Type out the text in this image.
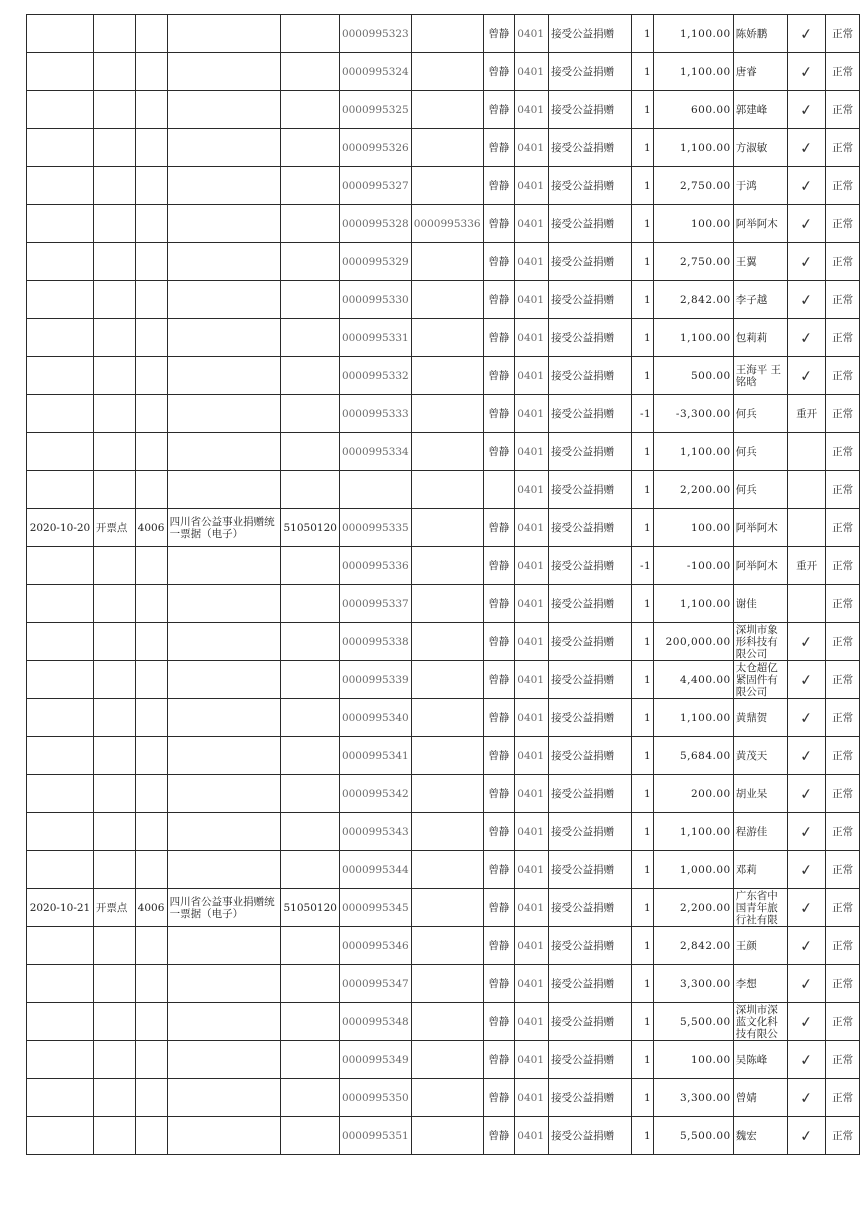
					0000995323		曾静	0401	接受公益捐赠	1	1,100.00	陈娇鹏	✓	正常
					0000995324		曾静	0401	接受公益捐赠	1	1,100.00	唐睿	✓	正常
					0000995325		曾静	0401	接受公益捐赠	1	600.00	郭建峰	✓	正常
					0000995326		曾静	0401	接受公益捐赠	1	1,100.00	方淑敏	✓	正常
					0000995327		曾静	0401	接受公益捐赠	1	2,750.00	于鸿	✓	正常
					0000995328	0000995336	曾静	0401	接受公益捐赠	1	100.00	阿举阿木	✓	正常
					0000995329		曾静	0401	接受公益捐赠	1	2,750.00	王翼	✓	正常
					0000995330		曾静	0401	接受公益捐赠	1	2,842.00	李子越	✓	正常
					0000995331		曾静	0401	接受公益捐赠	1	1,100.00	包莉莉	✓	正常
					0000995332		曾静	0401	接受公益捐赠	1	500.00	王海平 王铭晗	✓	正常
					0000995333		曾静	0401	接受公益捐赠	-1	-3,300.00	何兵	重开	正常
					0000995334		曾静	0401	接受公益捐赠	1	1,100.00	何兵		正常
								0401	接受公益捐赠	1	2,200.00	何兵		正常
2020-10-20	开票点	4006	四川省公益事业捐赠统一票据（电子）	51050120	0000995335		曾静	0401	接受公益捐赠	1	100.00	阿举阿木		正常
					0000995336		曾静	0401	接受公益捐赠	-1	-100.00	阿举阿木	重开	正常
					0000995337		曾静	0401	接受公益捐赠	1	1,100.00	谢佳		正常
					0000995338		曾静	0401	接受公益捐赠	1	200,000.00	深圳市象形科技有限公司	✓	正常
					0000995339		曾静	0401	接受公益捐赠	1	4,400.00	太仓超亿紧固件有限公司	✓	正常
					0000995340		曾静	0401	接受公益捐赠	1	1,100.00	黄鼎贺	✓	正常
					0000995341		曾静	0401	接受公益捐赠	1	5,684.00	黄茂天	✓	正常
					0000995342		曾静	0401	接受公益捐赠	1	200.00	胡业呆	✓	正常
					0000995343		曾静	0401	接受公益捐赠	1	1,100.00	程游佳	✓	正常
					0000995344		曾静	0401	接受公益捐赠	1	1,000.00	邓莉	✓	正常
2020-10-21	开票点	4006	四川省公益事业捐赠统一票据（电子）	51050120	0000995345		曾静	0401	接受公益捐赠	1	2,200.00	广东省中国青年旅行社有限	✓	正常
					0000995346		曾静	0401	接受公益捐赠	1	2,842.00	王颜	✓	正常
					0000995347		曾静	0401	接受公益捐赠	1	3,300.00	李想	✓	正常
					0000995348		曾静	0401	接受公益捐赠	1	5,500.00	深圳市深蓝文化科技有限公	✓	正常
					0000995349		曾静	0401	接受公益捐赠	1	100.00	吴陈峰	✓	正常
					0000995350		曾静	0401	接受公益捐赠	1	3,300.00	曾婧	✓	正常
					0000995351		曾静	0401	接受公益捐赠	1	5,500.00	魏宏	✓	正常
